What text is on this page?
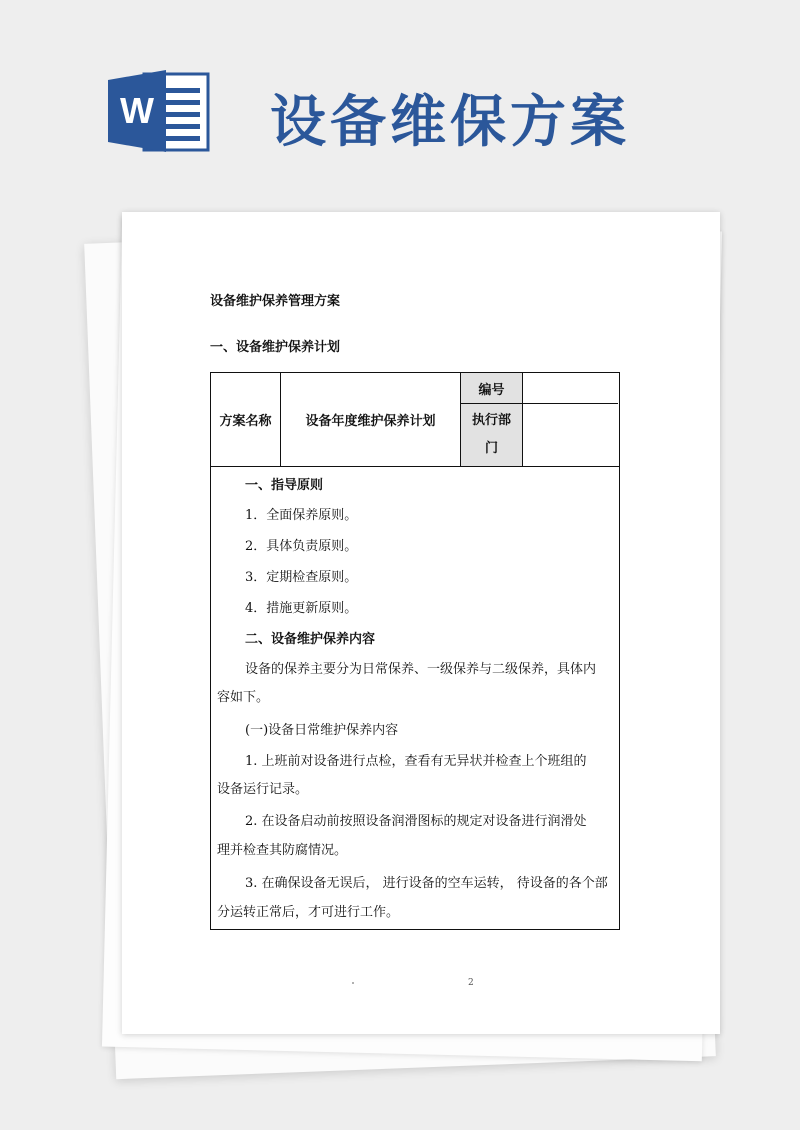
W 设备维保方案
设备维护保养管理方案
一、设备维护保养计划
方案名称	设备年度维护保养计划
编号
执行部
门
一、指导原则
1．全面保养原则。
2．具体负责原则。
3．定期检查原则。
4．措施更新原则。
二、设备维护保养内容
设备的保养主要分为日常保养、一级保养与二级保养，具体内
容如下。
(一)设备日常维护保养内容
1. 上班前对设备进行点检，查看有无异状并检查上个班组的
设备运行记录。
2. 在设备启动前按照设备润滑图标的规定对设备进行润滑处
理并检查其防腐情况。
3. 在确保设备无误后， 进行设备的空车运转， 待设备的各个部
分运转正常后，才可进行工作。
2
